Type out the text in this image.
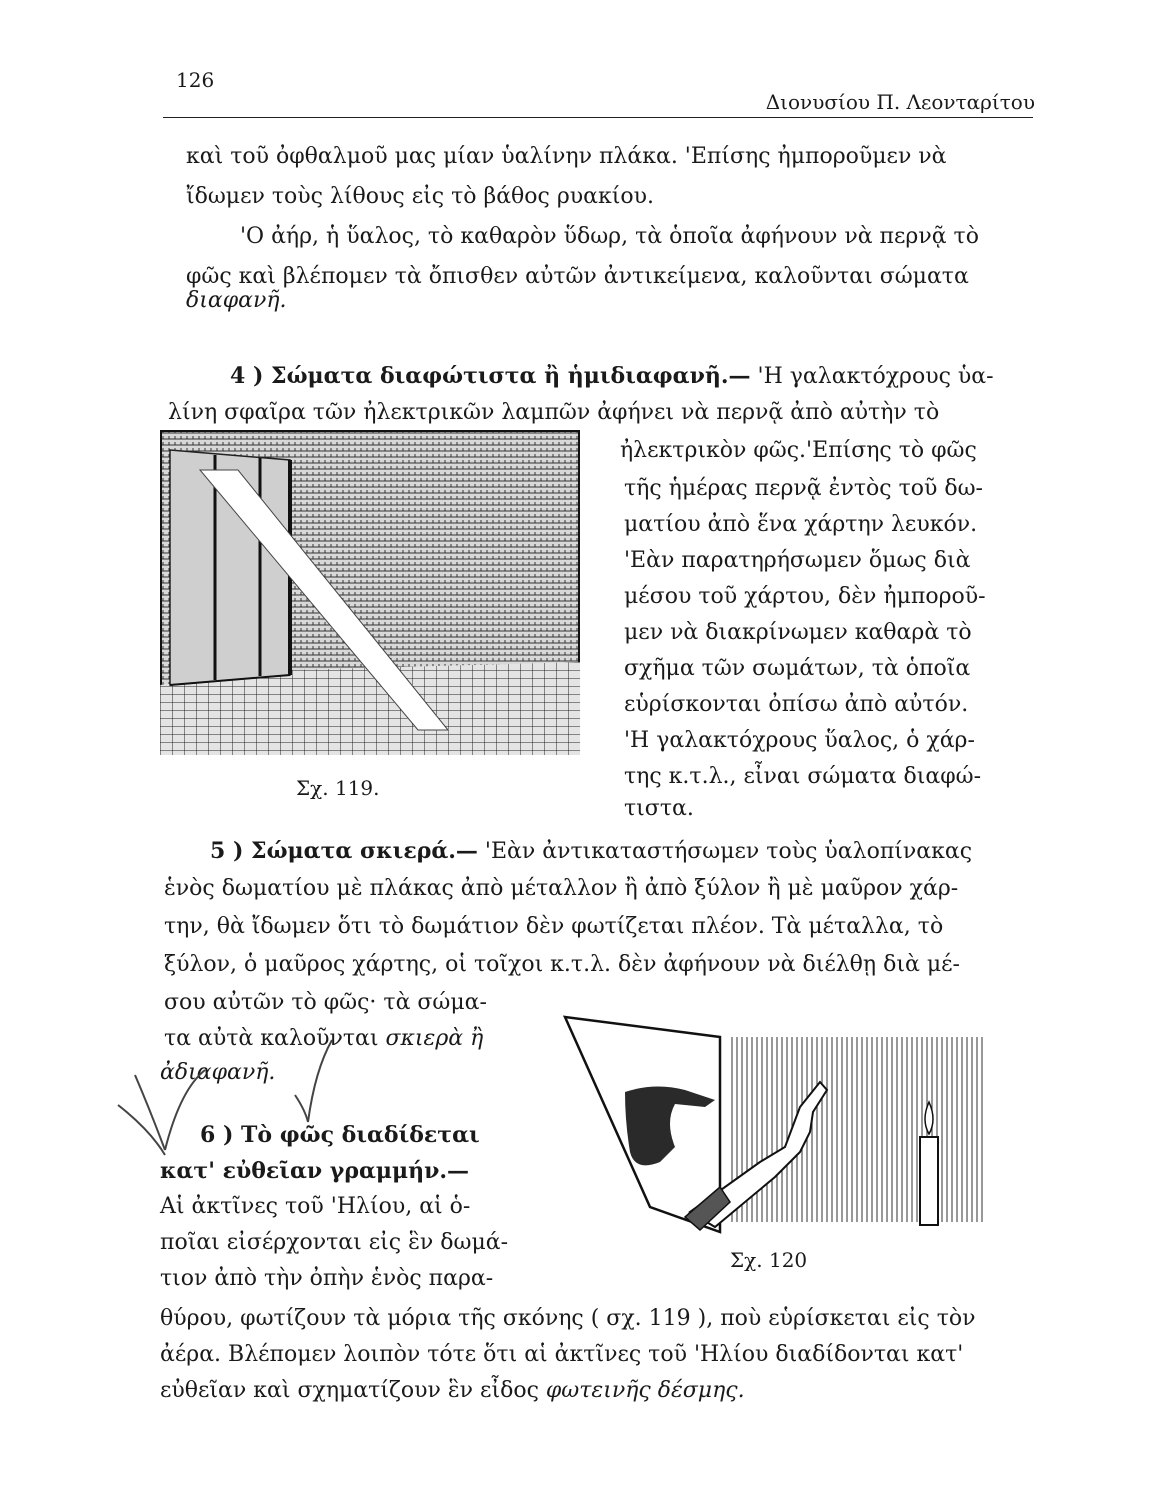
126
Διονυσίου Π. Λεονταρίτου
καὶ τοῦ ὀφθαλμοῦ μας μίαν ὑαλίνην πλάκα. 'Επίσης ἠμποροῦμεν νὰ
ἴδωμεν τοὺς λίθους εἰς τὸ βάθος ρυακίου.
'Ο ἀήρ, ἡ ὕαλος, τὸ καθαρὸν ὕδωρ, τὰ ὁποῖα ἀφήνουν νὰ περνᾷ τὸ
φῶς καὶ βλέπομεν τὰ ὄπισθεν αὐτῶν ἀντικείμενα, καλοῦνται σώματα
διαφανῆ.
4 ) Σώματα διαφώτιστα ἢ ἡμιδιαφανῆ.— 'Η γαλακτόχρους ὑα-
λίνη σφαῖρα τῶν ἠλεκτρικῶν λαμπῶν ἀφήνει νὰ περνᾷ ἀπὸ αὐτὴν τὸ
Σχ. 119.
ἠλεκτρικὸν φῶς.'Επίσης τὸ φῶς
τῆς ἡμέρας περνᾷ ἐντὸς τοῦ δω-
ματίου ἀπὸ ἕνα χάρτην λευκόν.
'Εὰν παρατηρήσωμεν ὅμως διὰ
μέσου τοῦ χάρτου, δὲν ἠμποροῦ-
μεν νὰ διακρίνωμεν καθαρὰ τὸ
σχῆμα τῶν σωμάτων, τὰ ὁποῖα
εὑρίσκονται ὀπίσω ἀπὸ αὐτόν.
'Η γαλακτόχρους ὕαλος, ὁ χάρ-
της κ.τ.λ., εἶναι σώματα διαφώ-
τιστα.
5 ) Σώματα σκιερά.— 'Εὰν ἀντικαταστήσωμεν τοὺς ὑαλοπίνακας
ἑνὸς δωματίου μὲ πλάκας ἀπὸ μέταλλον ἢ ἀπὸ ξύλον ἢ μὲ μαῦρον χάρ-
την, θὰ ἴδωμεν ὅτι τὸ δωμάτιον δὲν φωτίζεται πλέον. Τὰ μέταλλα, τὸ
ξύλον, ὁ μαῦρος χάρτης, οἱ τοῖχοι κ.τ.λ. δὲν ἀφήνουν νὰ διέλθῃ διὰ μέ-
σου αὐτῶν τὸ φῶς· τὰ σώμα-
τα αὐτὰ καλοῦνται σκιερὰ ἢ
ἀδιαφανῆ.
Σχ. 120
6 ) Τὸ φῶς διαδίδεται
κατ' εὐθεῖαν γραμμήν.—
Αἱ ἀκτῖνες τοῦ 'Ηλίου, αἱ ὁ-
ποῖαι εἰσέρχονται εἰς ἓν δωμά-
τιον ἀπὸ τὴν ὀπὴν ἑνὸς παρα-
θύρου, φωτίζουν τὰ μόρια τῆς σκόνης ( σχ. 119 ), ποὺ εὑρίσκεται εἰς τὸν
ἀέρα. Βλέπομεν λοιπὸν τότε ὅτι αἱ ἀκτῖνες τοῦ 'Ηλίου διαδίδονται κατ'
εὐθεῖαν καὶ σχηματίζουν ἓν εἶδος φωτεινῆς δέσμης.
